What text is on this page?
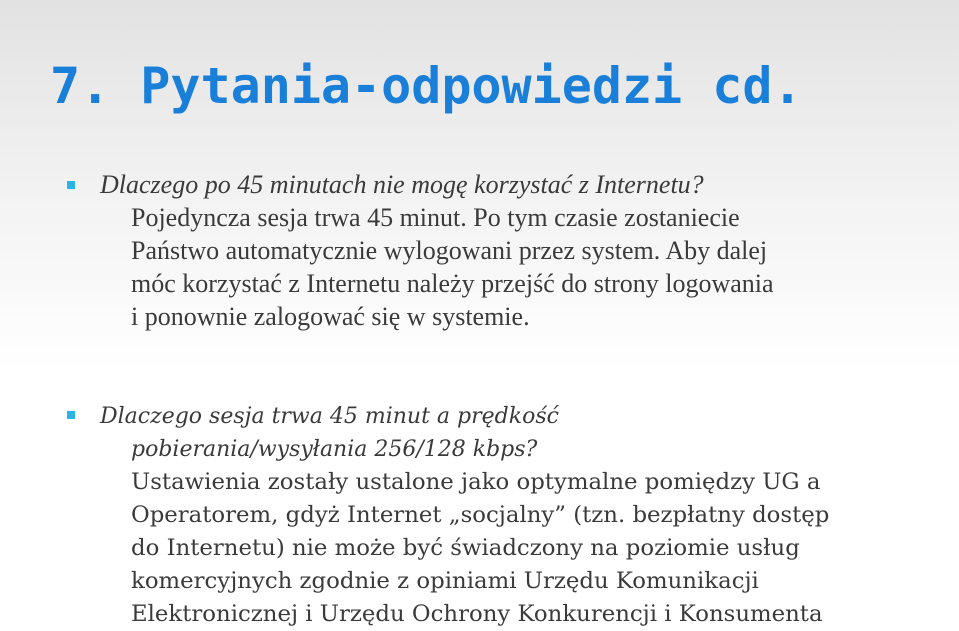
7. Pytania-odpowiedzi cd.
Dlaczego po 45 minutach nie mogę korzystać z Internetu?
Pojedyncza sesja trwa 45 minut. Po tym czasie zostaniecie
Państwo automatycznie wylogowani przez system. Aby dalej
móc korzystać z Internetu należy przejść do strony logowania
i ponownie zalogować się w systemie.
Dlaczego sesja trwa 45 minut a prędkość
pobierania/wysyłania 256/128 kbps?
Ustawienia zostały ustalone jako optymalne pomiędzy UG a
Operatorem, gdyż Internet „socjalny” (tzn. bezpłatny dostęp
do Internetu) nie może być świadczony na poziomie usług
komercyjnych zgodnie z opiniami Urzędu Komunikacji
Elektronicznej i Urzędu Ochrony Konkurencji i Konsumenta
